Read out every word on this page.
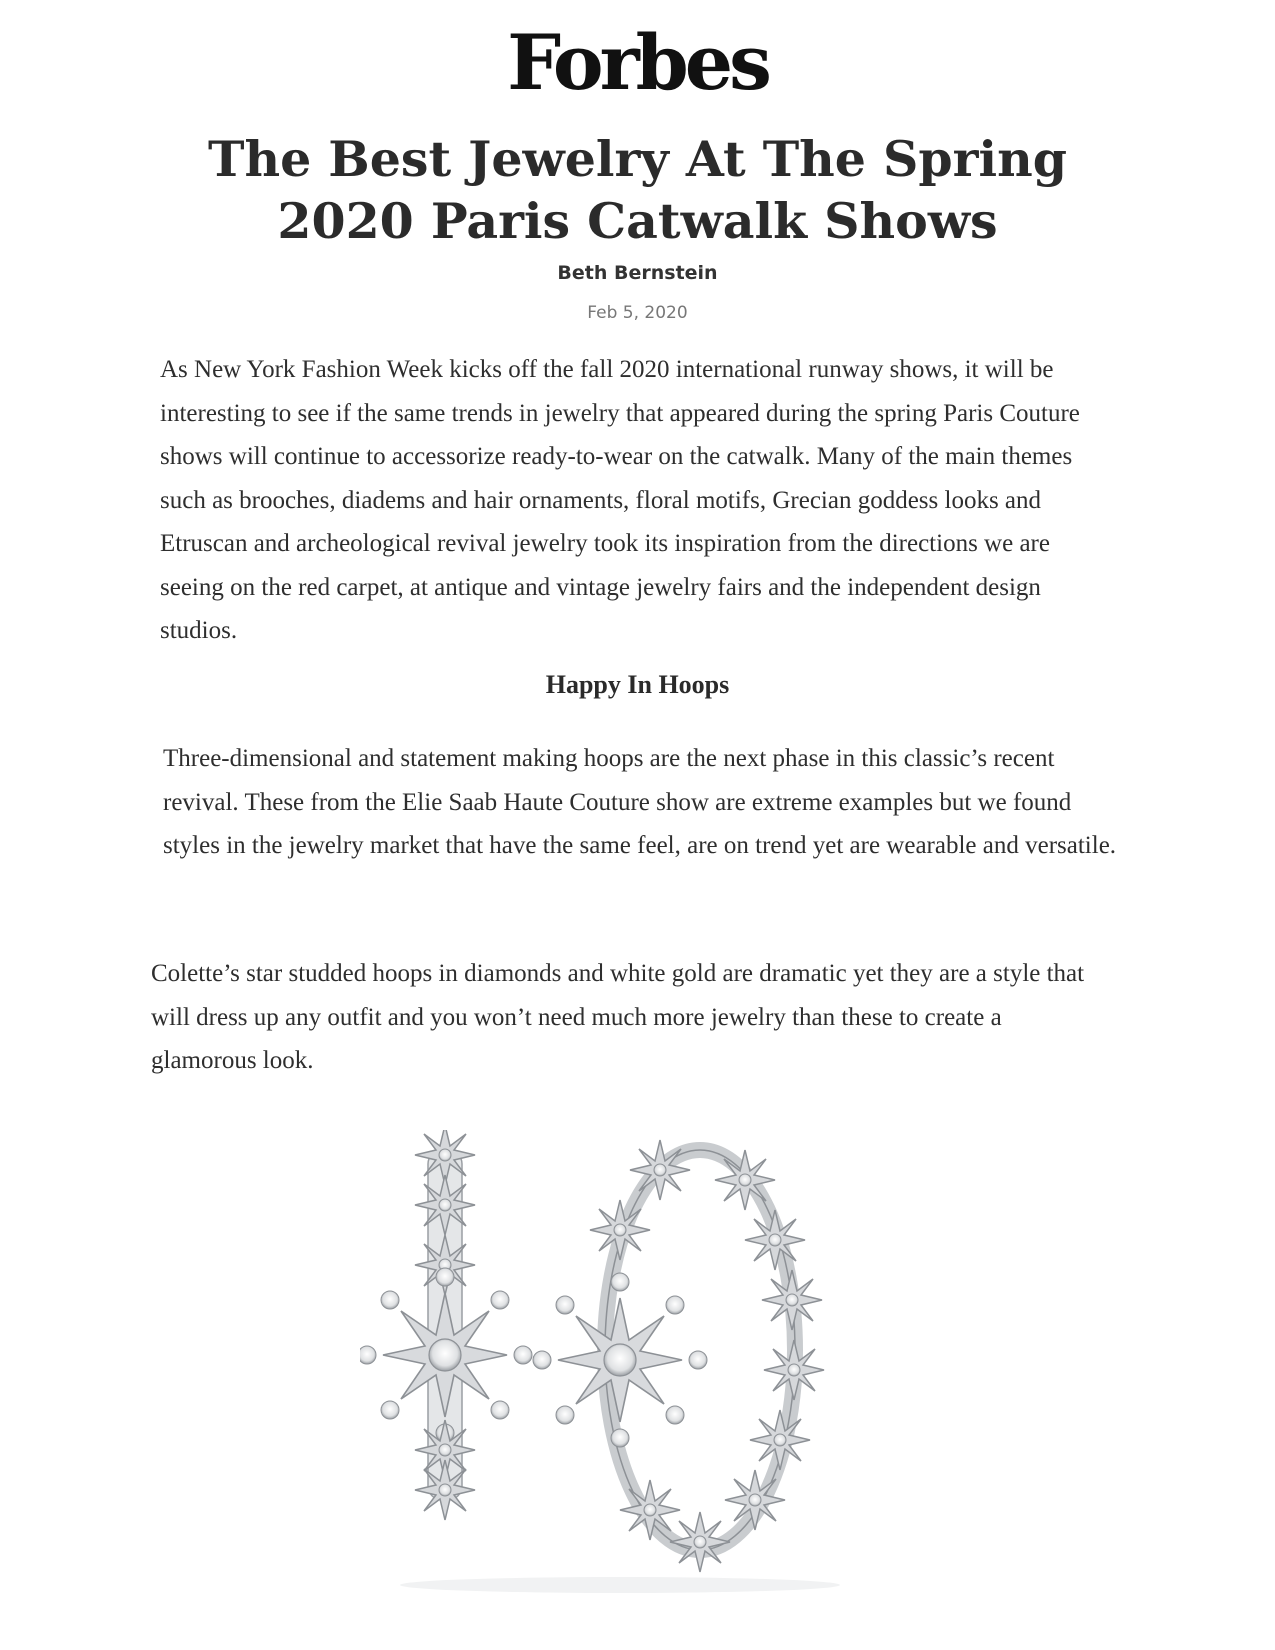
Forbes
The Best Jewelry At The Spring 2020 Paris Catwalk Shows
Beth Bernstein
Feb 5, 2020

As New York Fashion Week kicks off the fall 2020 international runway shows, it will be interesting to see if the same trends in jewelry that appeared during the spring Paris Couture shows will continue to accessorize ready-to-wear on the catwalk. Many of the main themes such as brooches, diadems and hair ornaments, floral motifs, Grecian goddess looks and Etruscan and archeological revival jewelry took its inspiration from the directions we are seeing on the red carpet, at antique and vintage jewelry fairs and the independent design studios.

Happy In Hoops

Three-dimensional and statement making hoops are the next phase in this classic’s recent revival. These from the Elie Saab Haute Couture show are extreme examples but we found styles in the jewelry market that have the same feel, are on trend yet are wearable and versatile.

Colette’s star studded hoops in diamonds and white gold are dramatic yet they are a style that will dress up any outfit and you won’t need much more jewelry than these to create a glamorous look.
